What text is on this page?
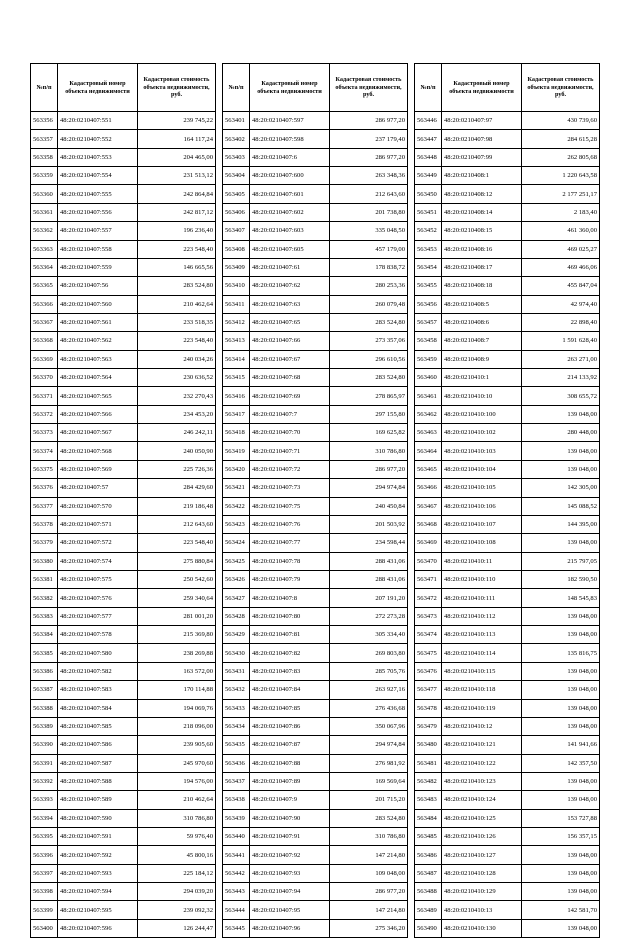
№п/п	Кадастровый номер объекта недвижимости	Кадастровая стоимость объекта недвижимости, руб.
563356	48:20:0210407:551	239 745,22
563357	48:20:0210407:552	164 117,24
563358	48:20:0210407:553	204 465,00
563359	48:20:0210407:554	231 513,12
563360	48:20:0210407:555	242 864,84
563361	48:20:0210407:556	242 817,12
563362	48:20:0210407:557	196 236,40
563363	48:20:0210407:558	223 548,40
563364	48:20:0210407:559	146 665,56
563365	48:20:0210407:56	283 524,80
563366	48:20:0210407:560	210 462,64
563367	48:20:0210407:561	233 518,35
563368	48:20:0210407:562	223 548,40
563369	48:20:0210407:563	240 034,26
563370	48:20:0210407:564	230 636,52
563371	48:20:0210407:565	232 270,43
563372	48:20:0210407:566	234 453,20
563373	48:20:0210407:567	246 242,11
563374	48:20:0210407:568	240 050,90
563375	48:20:0210407:569	225 726,36
563376	48:20:0210407:57	284 429,60
563377	48:20:0210407:570	219 186,48
563378	48:20:0210407:571	212 643,60
563379	48:20:0210407:572	223 548,40
563380	48:20:0210407:574	275 880,84
563381	48:20:0210407:575	250 542,60
563382	48:20:0210407:576	259 340,64
563383	48:20:0210407:577	281 001,20
563384	48:20:0210407:578	215 369,80
563385	48:20:0210407:580	238 269,88
563386	48:20:0210407:582	163 572,00
563387	48:20:0210407:583	170 114,88
563388	48:20:0210407:584	194 069,76
563389	48:20:0210407:585	218 096,00
563390	48:20:0210407:586	239 905,60
563391	48:20:0210407:587	245 970,60
563392	48:20:0210407:588	194 576,00
563393	48:20:0210407:589	210 462,64
563394	48:20:0210407:590	310 786,80
563395	48:20:0210407:591	59 976,40
563396	48:20:0210407:592	45 800,16
563397	48:20:0210407:593	225 184,12
563398	48:20:0210407:594	294 039,20
563399	48:20:0210407:595	239 092,32
563400	48:20:0210407:596	126 244,47
№п/п	Кадастровый номер объекта недвижимости	Кадастровая стоимость объекта недвижимости, руб.
563401	48:20:0210407:597	286 977,20
563402	48:20:0210407:598	237 179,40
563403	48:20:0210407:6	286 977,20
563404	48:20:0210407:600	263 348,36
563405	48:20:0210407:601	212 643,60
563406	48:20:0210407:602	201 738,80
563407	48:20:0210407:603	335 048,50
563408	48:20:0210407:605	457 179,00
563409	48:20:0210407:61	178 838,72
563410	48:20:0210407:62	280 253,36
563411	48:20:0210407:63	260 079,48
563412	48:20:0210407:65	283 524,80
563413	48:20:0210407:66	273 357,06
563414	48:20:0210407:67	296 610,56
563415	48:20:0210407:68	283 524,80
563416	48:20:0210407:69	278 865,97
563417	48:20:0210407:7	297 155,80
563418	48:20:0210407:70	169 625,82
563419	48:20:0210407:71	310 786,80
563420	48:20:0210407:72	286 977,20
563421	48:20:0210407:73	294 974,84
563422	48:20:0210407:75	240 450,84
563423	48:20:0210407:76	201 503,92
563424	48:20:0210407:77	234 598,44
563425	48:20:0210407:78	288 431,06
563426	48:20:0210407:79	288 431,06
563427	48:20:0210407:8	207 191,20
563428	48:20:0210407:80	272 273,28
563429	48:20:0210407:81	305 334,40
563430	48:20:0210407:82	269 803,80
563431	48:20:0210407:83	285 705,76
563432	48:20:0210407:84	263 927,16
563433	48:20:0210407:85	276 436,68
563434	48:20:0210407:86	350 067,96
563435	48:20:0210407:87	294 974,84
563436	48:20:0210407:88	276 981,92
563437	48:20:0210407:89	169 569,64
563438	48:20:0210407:9	201 715,20
563439	48:20:0210407:90	283 524,80
563440	48:20:0210407:91	310 786,80
563441	48:20:0210407:92	147 214,80
563442	48:20:0210407:93	109 048,00
563443	48:20:0210407:94	286 977,20
563444	48:20:0210407:95	147 214,80
563445	48:20:0210407:96	275 346,20
№п/п	Кадастровый номер объекта недвижимости	Кадастровая стоимость объекта недвижимости, руб.
563446	48:20:0210407:97	430 739,60
563447	48:20:0210407:98	284 615,28
563448	48:20:0210407:99	262 805,68
563449	48:20:0210408:1	1 220 643,58
563450	48:20:0210408:12	2 177 251,17
563451	48:20:0210408:14	2 183,40
563452	48:20:0210408:15	461 360,00
563453	48:20:0210408:16	469 025,27
563454	48:20:0210408:17	469 466,06
563455	48:20:0210408:18	455 847,04
563456	48:20:0210408:5	42 974,40
563457	48:20:0210408:6	22 898,40
563458	48:20:0210408:7	1 591 628,40
563459	48:20:0210408:9	263 271,00
563460	48:20:0210410:1	214 133,92
563461	48:20:0210410:10	308 655,72
563462	48:20:0210410:100	139 048,00
563463	48:20:0210410:102	280 448,00
563464	48:20:0210410:103	139 048,00
563465	48:20:0210410:104	139 048,00
563466	48:20:0210410:105	142 305,00
563467	48:20:0210410:106	145 088,52
563468	48:20:0210410:107	144 395,00
563469	48:20:0210410:108	139 048,00
563470	48:20:0210410:11	215 797,05
563471	48:20:0210410:110	182 590,50
563472	48:20:0210410:111	148 545,83
563473	48:20:0210410:112	139 048,00
563474	48:20:0210410:113	139 048,00
563475	48:20:0210410:114	135 816,75
563476	48:20:0210410:115	139 048,00
563477	48:20:0210410:118	139 048,00
563478	48:20:0210410:119	139 048,00
563479	48:20:0210410:12	139 048,00
563480	48:20:0210410:121	141 941,66
563481	48:20:0210410:122	142 357,50
563482	48:20:0210410:123	139 048,00
563483	48:20:0210410:124	139 048,00
563484	48:20:0210410:125	153 727,88
563485	48:20:0210410:126	156 357,15
563486	48:20:0210410:127	139 048,00
563487	48:20:0210410:128	139 048,00
563488	48:20:0210410:129	139 048,00
563489	48:20:0210410:13	142 581,70
563490	48:20:0210410:130	139 048,00
